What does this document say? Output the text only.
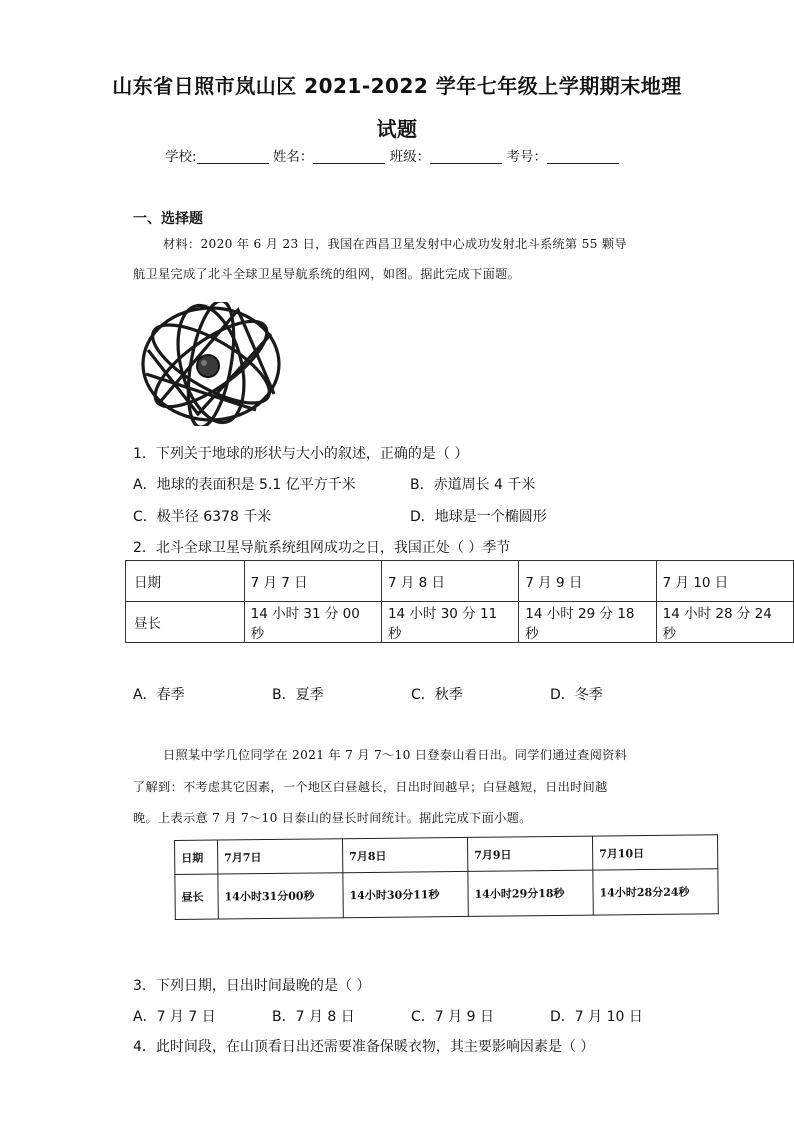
山东省日照市岚山区 2021-2022 学年七年级上学期期末地理
试题
学校:	姓名：	班级：	考号：
一、选择题
材料：2020 年 6 月 23 日，我国在西昌卫星发射中心成功发射北斗系统第 55 颗导
航卫星完成了北斗全球卫星导航系统的组网，如图。据此完成下面题。
1．下列关于地球的形状与大小的叙述，正确的是（ ）
A．地球的表面积是 5.1 亿平方千米	B．赤道周长 4 千米
C．极半径 6378 千米	D．地球是一个椭圆形
2．北斗全球卫星导航系统组网成功之日，我国正处（ ）季节
日期	7 月 7 日	7 月 8 日	7 月 9 日	7 月 10 日
昼长	14 小时 31 分 00 秒	14 小时 30 分 11 秒	14 小时 29 分 18 秒	14 小时 28 分 24 秒
A．春季	B．夏季	C．秋季	D．冬季
日照某中学几位同学在 2021 年 7 月 7～10 日登泰山看日出。同学们通过查阅资料
了解到：不考虑其它因素，一个地区白昼越长，日出时间越早；白昼越短，日出时间越
晚。上表示意 7 月 7～10 日泰山的昼长时间统计。据此完成下面小题。
日期	7月7日	7月8日	7月9日	7月10日
昼长	14小时31分00秒	14小时30分11秒	14小时29分18秒	14小时28分24秒
3．下列日期，日出时间最晚的是（ ）
A．7 月 7 日	B．7 月 8 日	C．7 月 9 日	D．7 月 10 日
4．此时间段，在山顶看日出还需要准备保暖衣物，其主要影响因素是（ ）
